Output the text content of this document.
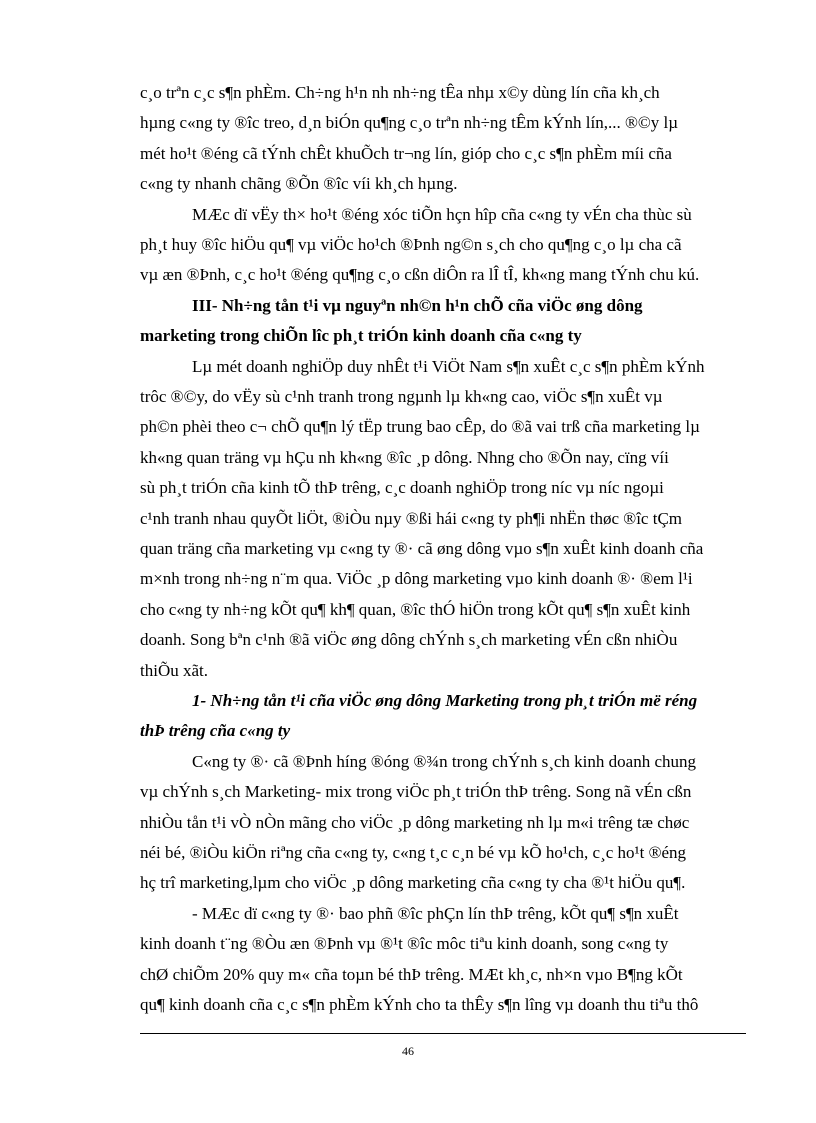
c¸o trªn c¸c s¶n phÈm. Ch÷ng h¹n nh nh÷ng tÊa nhµ x©y dùng lín cña kh¸ch
hµng c«ng ty ®îc treo, d¸n biÓn qu¶ng c¸o trªn nh÷ng tÊm kÝnh lín,... ®©y lµ
mét ho¹t ®éng cã tÝnh chÊt khuÕch tr¬ng lín, gióp cho c¸c s¶n phÈm míi cña
c«ng ty nhanh chãng ®Õn ®îc víi kh¸ch hµng.
MÆc dï vËy th× ho¹t ®éng xóc tiÕn hçn hîp cña c«ng ty vÉn cha thùc sù
ph¸t huy ®îc hiÖu qu¶ vµ viÖc ho¹ch ®Þnh ng©n s¸ch cho qu¶ng c¸o lµ cha cã
vµ æn ®Þnh, c¸c ho¹t ®éng qu¶ng c¸o cßn diÔn ra lÎ tÎ, kh«ng mang tÝnh chu kú.
III- Nh÷ng tån t¹i vµ nguyªn nh©n h¹n chÕ cña viÖc øng dông
marketing trong chiÕn lîc ph¸t triÓn kinh doanh cña c«ng ty
Lµ mét doanh nghiÖp duy nhÊt t¹i ViÖt Nam s¶n xuÊt c¸c s¶n phÈm kÝnh
trôc ®©y, do vËy sù c¹nh tranh trong ngµnh lµ kh«ng cao, viÖc s¶n xuÊt vµ
ph©n phèi theo c¬ chÕ qu¶n lý tËp trung bao cÊp, do ®ã vai trß cña marketing lµ
kh«ng quan träng vµ hÇu nh kh«ng ®îc ¸p dông. Nhng cho ®Õn nay, cïng víi
sù ph¸t triÓn cña kinh tÕ thÞ trêng, c¸c doanh nghiÖp trong níc vµ níc ngoµi
c¹nh tranh nhau quyÕt liÖt, ®iÒu nµy ®ßi hái c«ng ty ph¶i nhËn thøc ®îc tÇm
quan träng cña marketing vµ c«ng ty ®· cã øng dông vµo s¶n xuÊt kinh doanh cña
m×nh trong nh÷ng n¨m qua. ViÖc ¸p dông marketing vµo kinh doanh ®· ®em l¹i
cho c«ng ty nh÷ng kÕt qu¶ kh¶ quan, ®îc thÓ hiÖn trong kÕt qu¶ s¶n xuÊt kinh
doanh. Song bªn c¹nh ®ã viÖc øng dông chÝnh s¸ch marketing vÉn cßn nhiÒu
thiÕu xãt.
1- Nh÷ng tån t¹i cña viÖc øng dông Marketing trong ph¸t triÓn më réng
thÞ trêng cña c«ng ty
C«ng ty ®· cã ®Þnh híng ®óng ®¾n trong chÝnh s¸ch kinh doanh chung
vµ chÝnh s¸ch Marketing- mix trong viÖc ph¸t triÓn thÞ trêng. Song nã vÉn cßn
nhiÒu tån t¹i vÒ nÒn mãng cho viÖc ¸p dông marketing nh lµ m«i trêng tæ chøc
néi bé, ®iÒu kiÖn riªng cña c«ng ty, c«ng t¸c c¸n bé vµ kÕ ho¹ch, c¸c ho¹t ®éng
hç trî marketing,lµm cho viÖc ¸p dông marketing cña c«ng ty cha ®¹t hiÖu qu¶.
- MÆc dï c«ng ty ®· bao phñ ®îc phÇn lín thÞ trêng, kÕt qu¶ s¶n xuÊt
kinh doanh t¨ng ®Òu æn ®Þnh vµ ®¹t ®îc môc tiªu kinh doanh, song c«ng ty
chØ chiÕm 20% quy m« cña toµn bé thÞ trêng. MÆt kh¸c, nh×n vµo B¶ng kÕt
qu¶ kinh doanh cña c¸c s¶n phÈm kÝnh cho ta thÊy s¶n lîng vµ doanh thu tiªu thô
46
